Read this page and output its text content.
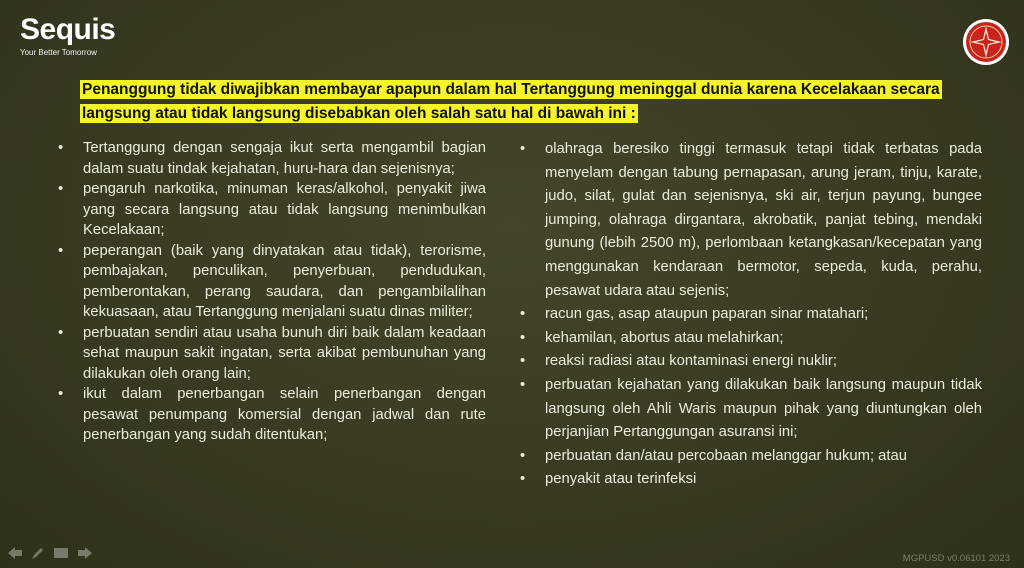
Sequis
Your Better Tomorrow
Penanggung tidak diwajibkan membayar apapun dalam hal Tertanggung meninggal dunia karena Kecelakaan secara langsung atau tidak langsung disebabkan oleh salah satu hal di bawah ini :
• Tertanggung dengan sengaja ikut serta mengambil bagian dalam suatu tindak kejahatan, huru-hara dan sejenisnya;
• pengaruh narkotika, minuman keras/alkohol, penyakit jiwa yang secara langsung atau tidak langsung menimbulkan Kecelakaan;
• peperangan (baik yang dinyatakan atau tidak), terorisme, pembajakan, penculikan, penyerbuan, pendudukan, pemberontakan, perang saudara, dan pengambilalihan kekuasaan, atau Tertanggung menjalani suatu dinas militer;
• perbuatan sendiri atau usaha bunuh diri baik dalam keadaan sehat maupun sakit ingatan, serta akibat pembunuhan yang dilakukan oleh orang lain;
• ikut dalam penerbangan selain penerbangan dengan pesawat penumpang komersial dengan jadwal dan rute penerbangan yang sudah ditentukan;
• olahraga beresiko tinggi termasuk tetapi tidak terbatas pada menyelam dengan tabung pernapasan, arung jeram, tinju, karate, judo, silat, gulat dan sejenisnya, ski air, terjun payung, bungee jumping, olahraga dirgantara, akrobatik, panjat tebing, mendaki gunung (lebih 2500 m), perlombaan ketangkasan/kecepatan yang menggunakan kendaraan bermotor, sepeda, kuda, perahu, pesawat udara atau sejenis;
• racun gas, asap ataupun paparan sinar matahari;
• kehamilan, abortus atau melahirkan;
• reaksi radiasi atau kontaminasi energi nuklir;
• perbuatan kejahatan yang dilakukan baik langsung maupun tidak langsung oleh Ahli Waris maupun pihak yang diuntungkan oleh perjanjian Pertanggungan asuransi ini;
• perbuatan dan/atau percobaan melanggar hukum; atau
• penyakit atau terinfeksi
MGPUSD v0.06101 2023
